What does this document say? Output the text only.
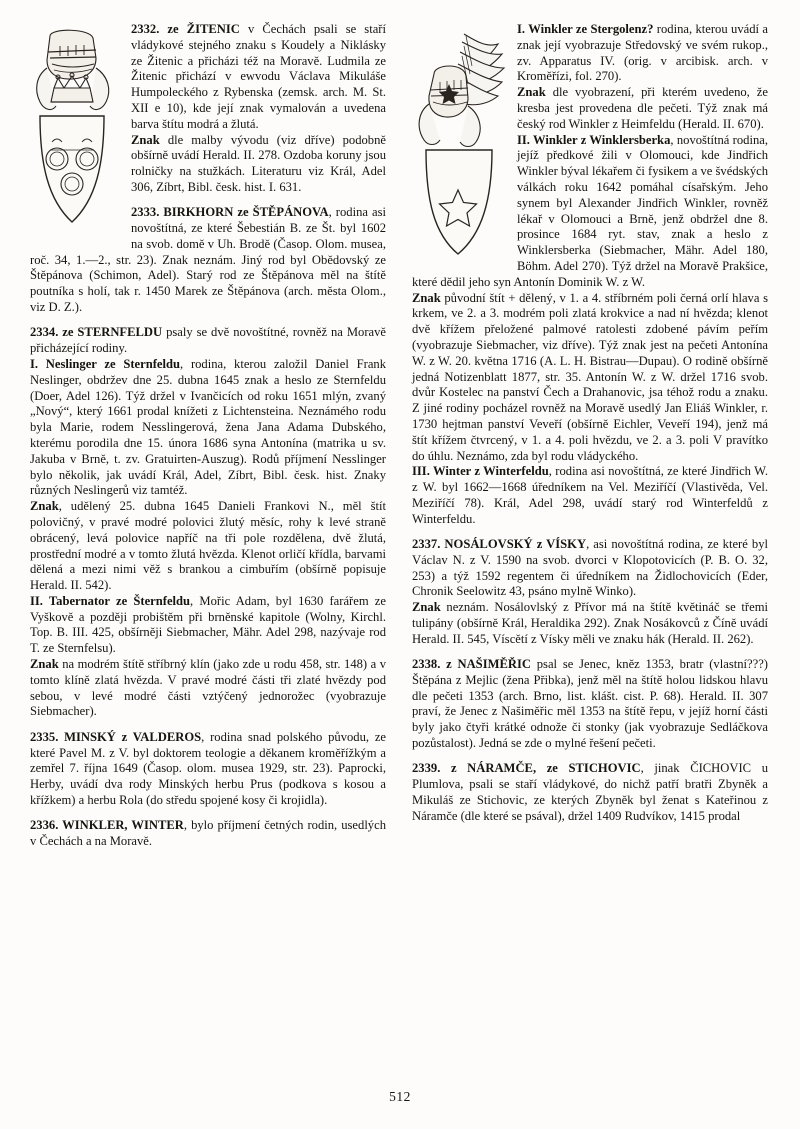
2332. ze ŽITENIC v Čechách psali se staří vládykové stejného znaku s Koudely a Niklásky ze Žitenic a přicházi též na Moravě. Ludmila ze Žitenic přichází v ewvodu Václava Mikuláše Humpoleckého z Rybenska (zemsk. arch. M. St. XII e 10), kde její znak vymalován a uvedena barva štítu modrá a žlutá.

Znak dle malby vývodu (viz dříve) podobně obšírně uvádí Herald. II. 278. Ozdoba koruny jsou rolničky na stužkách. Literaturu viz Král, Adel 306, Zíbrt, Bibl. česk. hist. I. 631.

2333. BIRKHORN ze ŠTĚPÁNOVA, rodina asi novoštítná, ze které Šebestián B. ze Št. byl 1602 na svob. domě v Uh. Brodě (Časop. Olom. musea, roč. 34, 1.—2., str. 23). Znak neznám. Jiný rod byl Obědovský ze Štěpánova (Schimon, Adel). Starý rod ze Štěpánova měl na štítě poutníka s holí, tak r. 1450 Marek ze Štěpánova (arch. města Olom., viz D. Z.).

2334. ze STERNFELDU psaly se dvě novoštítné, rovněž na Moravě přicházející rodiny.

I. Neslinger ze Sternfeldu, rodina, kterou založil Daniel Frank Neslinger, obdržev dne 25. dubna 1645 znak a heslo ze Sternfeldu (Doer, Adel 126). Týž držel v Ivančicích od roku 1651 mlýn, zvaný „Nový“, který 1661 prodal knížeti z Lichtensteina. Neznámého rodu byla Marie, rodem Nesslingerová, žena Jana Adama Dubského, kterému porodila dne 15. února 1686 syna Antonína (matrika u sv. Jakuba v Brně, t. zv. Gratuirten-Auszug). Rodů příjmení Nesslinger bylo několik, jak uvádí Král, Adel, Zíbrt, Bibl. česk. hist. Znaky různých Neslingerů viz tamtéž.

Znak, udělený 25. dubna 1645 Danieli Frankovi N., měl štít polovičný, v pravé modré polovici žlutý měsíc, rohy k levé straně obrácený, levá polovice napříč na tři pole rozdělena, dvě žlutá, prostřední modré a v tomto žlutá hvězda. Klenot orličí křídla, barvami dělená a mezi nimi věž s brankou a cimbuřím (obšírně popisuje Herald. II. 542).

II. Tabernator ze Šternfeldu, Mořic Adam, byl 1630 farářem ze Vyškově a později probištěm při brněnské kapitole (Wolny, Kirchl. Top. B. III. 425, obšírněji Siebmacher, Mähr. Adel 298, nazývaje rod T. ze Sternfelsu).

Znak na modrém štítě stříbrný klín (jako zde u rodu 458, str. 148) a v tomto klíně zlatá hvězda. V pravé modré části tři zlaté hvězdy pod sebou, v levé modré části vztýčený jednorožec (vyobrazuje Siebmacher).

2335. MINSKÝ z VALDEROS, rodina snad polského původu, ze které Pavel M. z V. byl doktorem teologie a děkanem kroměřížkým a zemřel 7. října 1649 (Časop. olom. musea 1929, str. 23). Paprocki, Herby, uvádí dva rody Minských herbu Prus (podkova s kosou a křížkem) a herbu Rola (do středu spojené kosy či krojidla).

2336. WINKLER, WINTER, bylo příjmení četných rodin, usedlých v Čechách a na Moravě.

I. Winkler ze Stergolenz? rodina, kterou uvádí a znak její vyobrazuje Středovský ve svém rukop., zv. Apparatus IV. (orig. v arcibisk. arch. v Kroměřízi, fol. 270).

Znak dle vyobrazení, při kterém uvedeno, že kresba jest provedena dle pečeti. Týž znak má český rod Winkler z Heimfeldu (Herald. II. 670).

II. Winkler z Winklersberka, novoštítná rodina, jejíž předkové žili v Olomouci, kde Jindřich Winkler býval lékařem či fysikem a ve švédských válkách roku 1642 pomáhal císařským. Jeho synem byl Alexander Jindřich Winkler, rovněž lékař v Olomouci a Brně, jenž obdržel dne 8. prosince 1684 ryt. stav, znak a heslo z Winklersberka (Siebmacher, Mähr. Adel 180, Böhm. Adel 270). Týž držel na Moravě Prakšice, které dědil jeho syn Antonín Dominik W. z W.

Znak původní štít + dělený, v 1. a 4. stříbrném poli černá orlí hlava s krkem, ve 2. a 3. modrém poli zlatá krokvice a nad ní hvězda; klenot dvě křížem přeložené palmové ratolesti zdobené pávím peřím (vyobrazuje Siebmacher, viz dříve). Týž znak jest na pečeti Antonína W. z W. 20. května 1716 (A. L. H. Bistrau—Dupau). O rodině obšírně jedná Notizenblatt 1877, str. 35. Antonín W. z W. držel 1716 svob. dvůr Kostelec na panství Čech a Drahanovic, jsa téhož rodu a znaku. Z jiné rodiny pocházel rovněž na Moravě usedlý Jan Eliáš Winkler, r. 1730 hejtman panství Veveří (obšírně Eichler, Veveří 194), jenž má štít křížem čtvrcený, v 1. a 4. poli hvězdu, ve 2. a 3. poli V pravítko do úhlu. Neznámo, zda byl rodu vládyckého.

III. Winter z Winterfeldu, rodina asi novoštítná, ze které Jindřich W. z W. byl 1662—1668 úředníkem na Vel. Meziříčí (Vlastivěda, Vel. Meziříčí 78). Král, Adel 298, uvádí starý rod Winterfeldů z Winterfeldu.

2337. NOSÁLOVSKÝ z VÍSKY, asi novoštítná rodina, ze které byl Václav N. z V. 1590 na svob. dvorci v Klopotovicích (P. B. O. 32, 253) a týž 1592 regentem či úředníkem na Židlochovicích (Eder, Chronik Seelowitz 43, psáno mylně Winko).

Znak neznám. Nosálovlský z Přívor má na štítě květináč se třemi tulipány (obšírně Král, Heraldika 292). Znak Nosákovců z Číně uvádí Herald. II. 545, Víscětí z Vísky měli ve znaku hák (Herald. II. 262).

2338. z NAŠIMĚŘIC psal se Jenec, kněz 1353, bratr (vlastní???) Štěpána z Mejlic (žena Přibka), jenž měl na štítě holou lidskou hlavu dle pečeti 1353 (arch. Brno, list. klášt. cist. P. 68). Herald. II. 307 praví, že Jenec z Našiměřic měl 1353 na štítě řepu, v jejíž horní části byly jako čtyři krátké odnože či stonky (jak vyobrazuje Sedláčkova pozůstalost). Jedná se zde o mylné řešení pečeti.

2339. z NÁRAMČE, ze STICHOVIC, jinak ČICHOVIC u Plumlova, psali se staří vládykové, do nichž patří bratři Zbyněk a Mikuláš ze Stichovic, ze kterých Zbyněk byl ženat s Kateřinou z Náramče (dle které se psával), držel 1409 Rudvíkov, 1415 prodal

512
